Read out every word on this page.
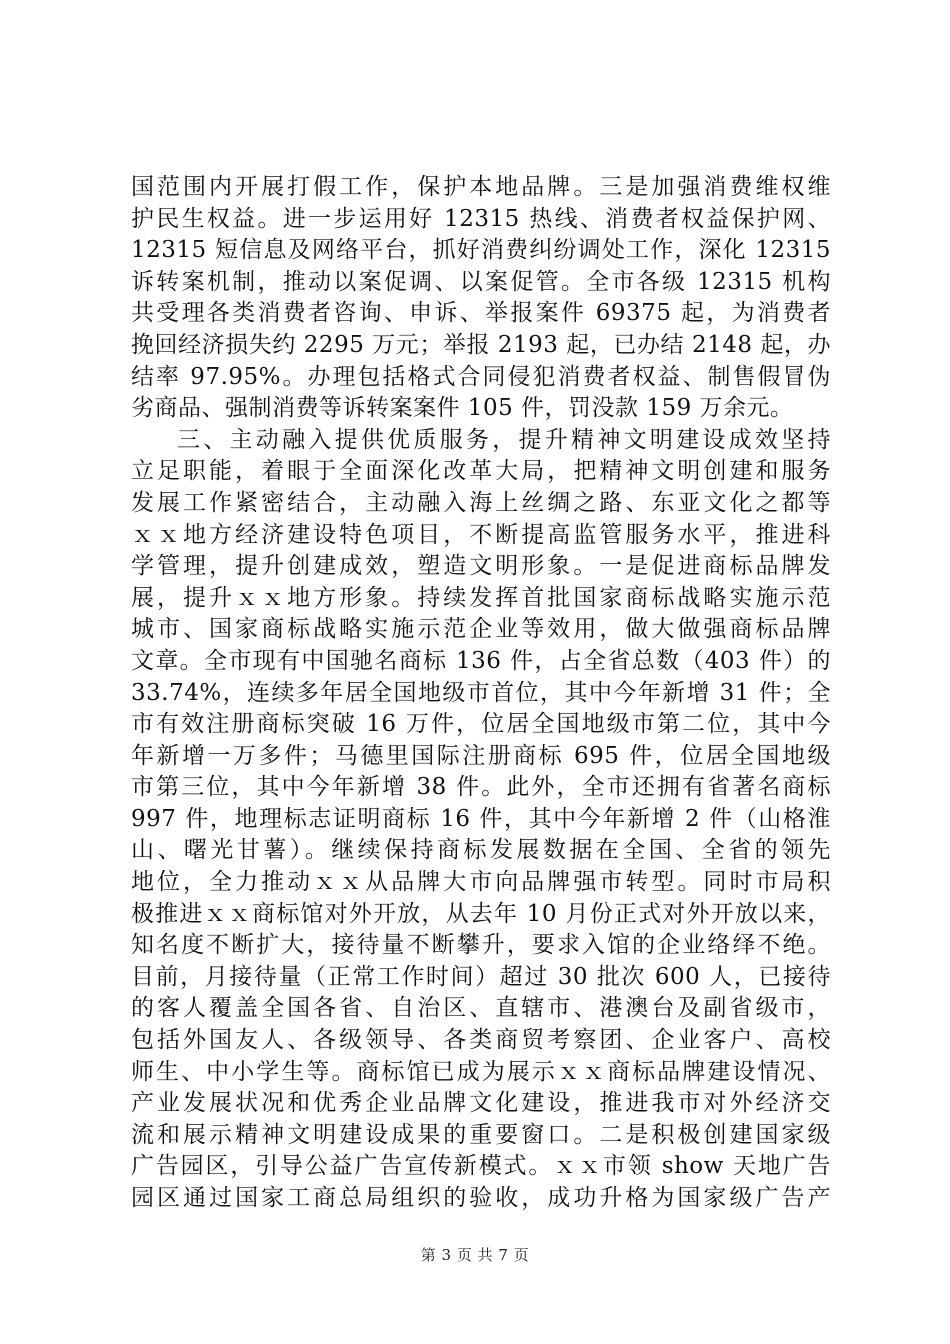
国范围内开展打假工作，保护本地品牌。三是加强消费维权维
护民生权益。进一步运用好 12315 热线、消费者权益保护网、
12315 短信息及网络平台，抓好消费纠纷调处工作，深化 12315
诉转案机制，推动以案促调、以案促管。全市各级 12315 机构
共受理各类消费者咨询、申诉、举报案件 69375 起，为消费者
挽回经济损失约 2295 万元；举报 2193 起，已办结 2148 起，办
结率 97.95%。办理包括格式合同侵犯消费者权益、制售假冒伪
劣商品、强制消费等诉转案案件 105 件，罚没款 159 万余元。
三、主动融入提供优质服务，提升精神文明建设成效坚持
立足职能，着眼于全面深化改革大局，把精神文明创建和服务
发展工作紧密结合，主动融入海上丝绸之路、东亚文化之都等
ｘｘ地方经济建设特色项目，不断提高监管服务水平，推进科
学管理，提升创建成效，塑造文明形象。一是促进商标品牌发
展，提升ｘｘ地方形象。持续发挥首批国家商标战略实施示范
城市、国家商标战略实施示范企业等效用，做大做强商标品牌
文章。全市现有中国驰名商标 136 件，占全省总数（403 件）的
33.74%，连续多年居全国地级市首位，其中今年新增 31 件；全
市有效注册商标突破 16 万件，位居全国地级市第二位，其中今
年新增一万多件；马德里国际注册商标 695 件，位居全国地级
市第三位，其中今年新增 38 件。此外，全市还拥有省著名商标
997 件，地理标志证明商标 16 件，其中今年新增 2 件（山格淮
山、曙光甘薯）。继续保持商标发展数据在全国、全省的领先
地位，全力推动ｘｘ从品牌大市向品牌强市转型。同时市局积
极推进ｘｘ商标馆对外开放，从去年 10 月份正式对外开放以来，
知名度不断扩大，接待量不断攀升，要求入馆的企业络绎不绝。
目前，月接待量（正常工作时间）超过 30 批次 600 人，已接待
的客人覆盖全国各省、自治区、直辖市、港澳台及副省级市，
包括外国友人、各级领导、各类商贸考察团、企业客户、高校
师生、中小学生等。商标馆已成为展示ｘｘ商标品牌建设情况、
产业发展状况和优秀企业品牌文化建设，推进我市对外经济交
流和展示精神文明建设成果的重要窗口。二是积极创建国家级
广告园区，引导公益广告宣传新模式。ｘｘ市领 show 天地广告
园区通过国家工商总局组织的验收，成功升格为国家级广告产
第 3 页 共 7 页
